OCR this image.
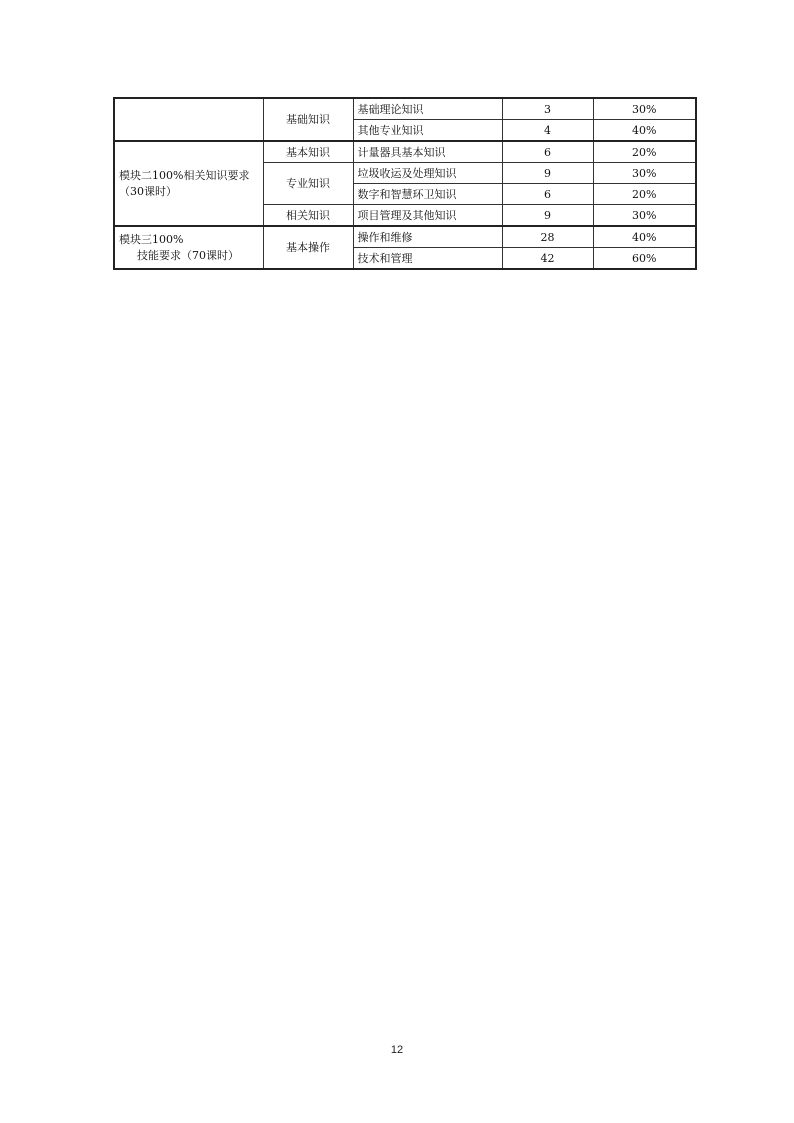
	基础知识	基础理论知识	3	30%
		其他专业知识	4	40%

模块二100%相关知识要求
（30课时）	基本知识	计量器具基本知识	6	20%
	专业知识	垃圾收运及处理知识	9	30%
		数字和智慧环卫知识	6	20%
	相关知识	项目管理及其他知识	9	30%

模块三100%
技能要求（70课时）	基本操作	操作和维修	28	40%
		技术和管理	42	60%
12
